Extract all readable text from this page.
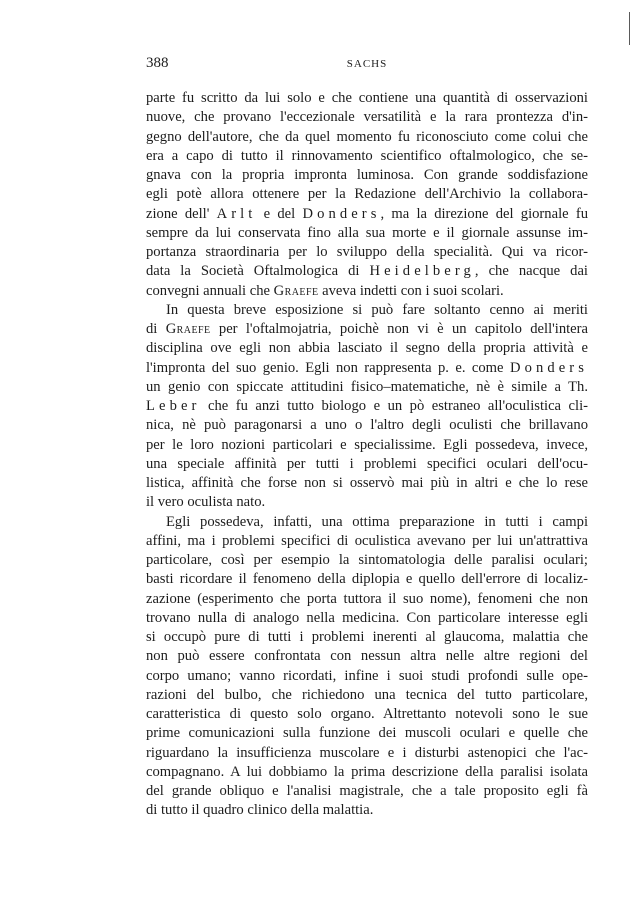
388	SACHS
parte fu scritto da lui solo e che contiene una quantità di osservazioni
nuove, che provano l'eccezionale versatilità e la rara prontezza d'in-
gegno dell'autore, che da quel momento fu riconosciuto come colui che
era a capo di tutto il rinnovamento scientifico oftalmologico, che se-
gnava con la propria impronta luminosa. Con grande soddisfazione
egli potè allora ottenere per la Redazione dell'Archivio la collabora-
zione dell' Arlt e del Donders, ma la direzione del giornale fu
sempre da lui conservata fino alla sua morte e il giornale assunse im-
portanza straordinaria per lo sviluppo della specialità. Qui va ricor-
data la Società Oftalmologica di Heidelberg, che nacque dai
convegni annuali che Graefe aveva indetti con i suoi scolari.
In questa breve esposizione si può fare soltanto cenno ai meriti
di Graefe per l'oftalmojatria, poichè non vi è un capitolo dell'intera
disciplina ove egli non abbia lasciato il segno della propria attività e
l'impronta del suo genio. Egli non rappresenta p. e. come Donders
un genio con spiccate attitudini fisico–matematiche, nè è simile a Th.
Leber che fu anzi tutto biologo e un pò estraneo all'oculistica cli-
nica, nè può paragonarsi a uno o l'altro degli oculisti che brillavano
per le loro nozioni particolari e specialissime. Egli possedeva, invece,
una speciale affinità per tutti i problemi specifici oculari dell'ocu-
listica, affinità che forse non si osservò mai più in altri e che lo rese
il vero oculista nato.
Egli possedeva, infatti, una ottima preparazione in tutti i campi
affini, ma i problemi specifici di oculistica avevano per lui un'attrattiva
particolare, così per esempio la sintomatologia delle paralisi oculari;
basti ricordare il fenomeno della diplopia e quello dell'errore di localiz-
zazione (esperimento che porta tuttora il suo nome), fenomeni che non
trovano nulla di analogo nella medicina. Con particolare interesse egli
si occupò pure di tutti i problemi inerenti al glaucoma, malattia che
non può essere confrontata con nessun altra nelle altre regioni del
corpo umano; vanno ricordati, infine i suoi studi profondi sulle ope-
razioni del bulbo, che richiedono una tecnica del tutto particolare,
caratteristica di questo solo organo. Altrettanto notevoli sono le sue
prime comunicazioni sulla funzione dei muscoli oculari e quelle che
riguardano la insufficienza muscolare e i disturbi astenopici che l'ac-
compagnano. A lui dobbiamo la prima descrizione della paralisi isolata
del grande obliquo e l'analisi magistrale, che a tale proposito egli fà
di tutto il quadro clinico della malattia.
